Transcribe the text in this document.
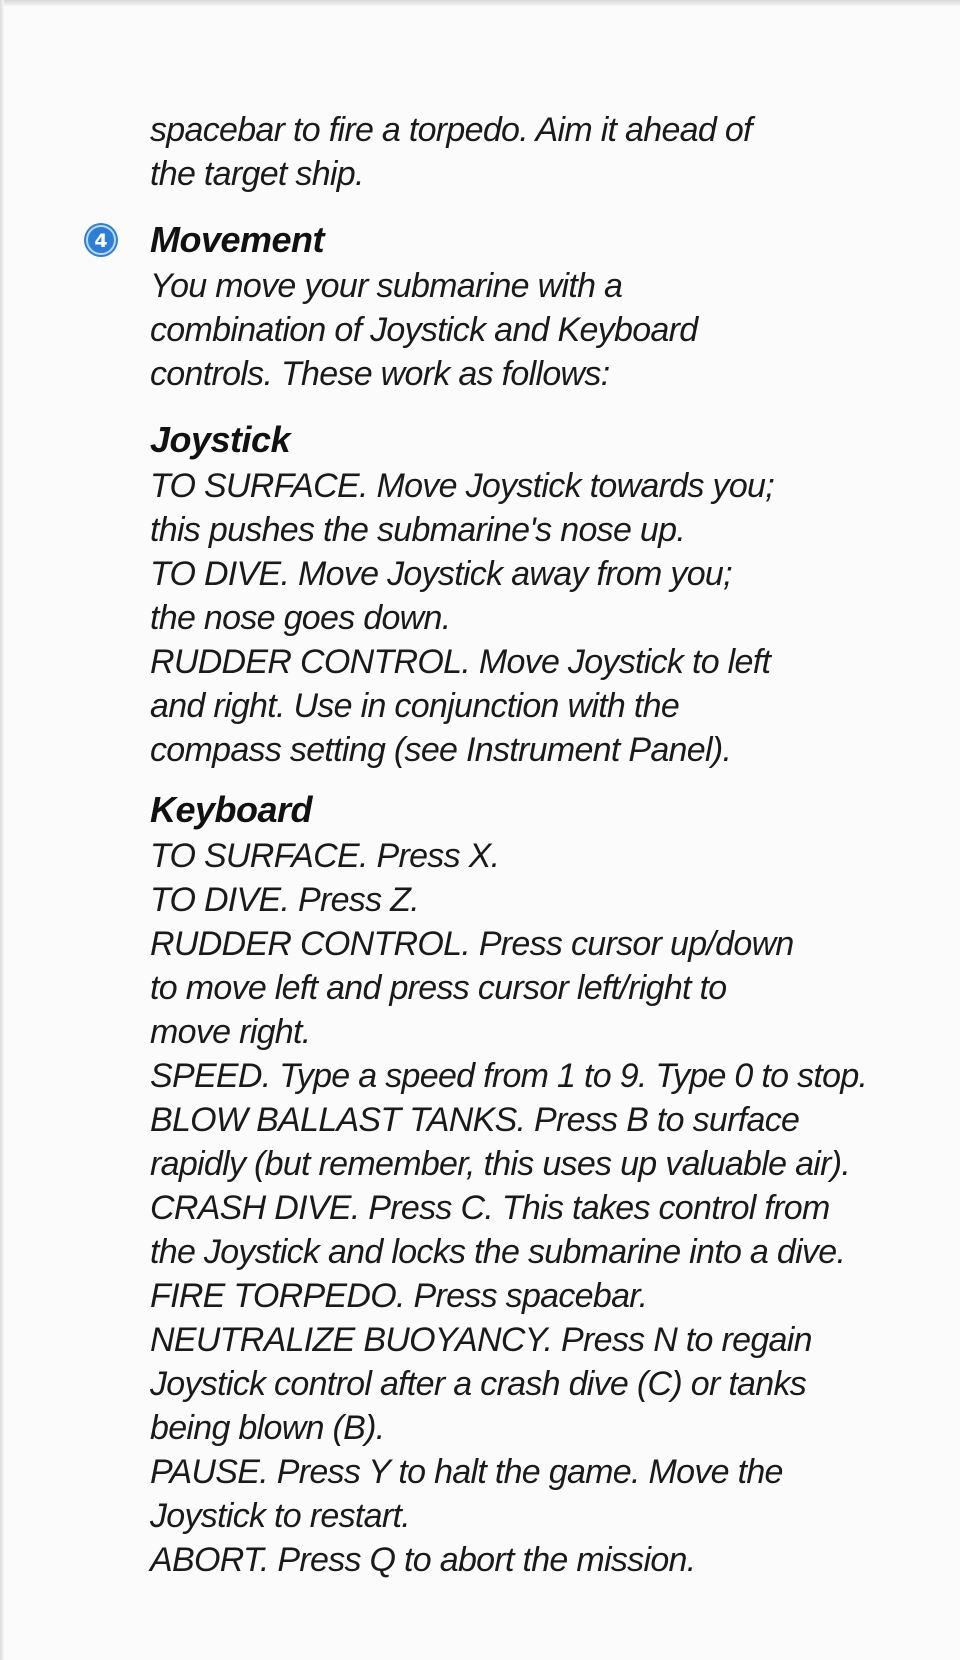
spacebar to fire a torpedo. Aim it ahead of

the target ship.

4 Movement

You move your submarine with a

combination of Joystick and Keyboard

controls. These work as follows:

Joystick

TO SURFACE. Move Joystick towards you;

this pushes the submarine's nose up.

TO DIVE. Move Joystick away from you;

the nose goes down.

RUDDER CONTROL. Move Joystick to left

and right. Use in conjunction with the

compass setting (see Instrument Panel).

Keyboard

TO SURFACE. Press X.

TO DIVE. Press Z.

RUDDER CONTROL. Press cursor up/down

to move left and press cursor left/right to

move right.

SPEED. Type a speed from 1 to 9. Type 0 to stop.

BLOW BALLAST TANKS. Press B to surface

rapidly (but remember, this uses up valuable air).

CRASH DIVE. Press C. This takes control from

the Joystick and locks the submarine into a dive.

FIRE TORPEDO. Press spacebar.

NEUTRALIZE BUOYANCY. Press N to regain

Joystick control after a crash dive (C) or tanks

being blown (B).

PAUSE. Press Y to halt the game. Move the

Joystick to restart.

ABORT. Press Q to abort the mission.
